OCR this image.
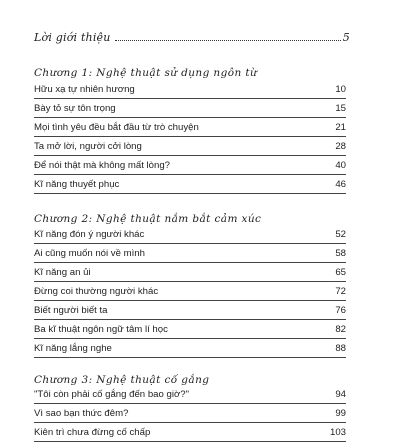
Lời giới thiệu	5
Chương 1: Nghệ thuật sử dụng ngôn từ
Hữu xạ tự nhiên hương	10
Bày tỏ sự tôn trọng	15
Mọi tình yêu đều bắt đầu từ trò chuyện	21
Ta mở lời, người cởi lòng	28
Để nói thật mà không mất lòng?	40
Kĩ năng thuyết phục	46
Chương 2: Nghệ thuật nắm bắt cảm xúc
Kĩ năng đón ý người khác	52
Ai cũng muốn nói về mình	58
Kĩ năng an ủi	65
Đừng coi thường người khác	72
Biết người biết ta	76
Ba kĩ thuật ngôn ngữ tâm lí học	82
Kĩ năng lắng nghe	88
Chương 3: Nghệ thuật cố gắng
"Tôi còn phải cố gắng đến bao giờ?"	94
Vì sao bạn thức đêm?	99
Kiên trì chưa đừng cố chấp	103
